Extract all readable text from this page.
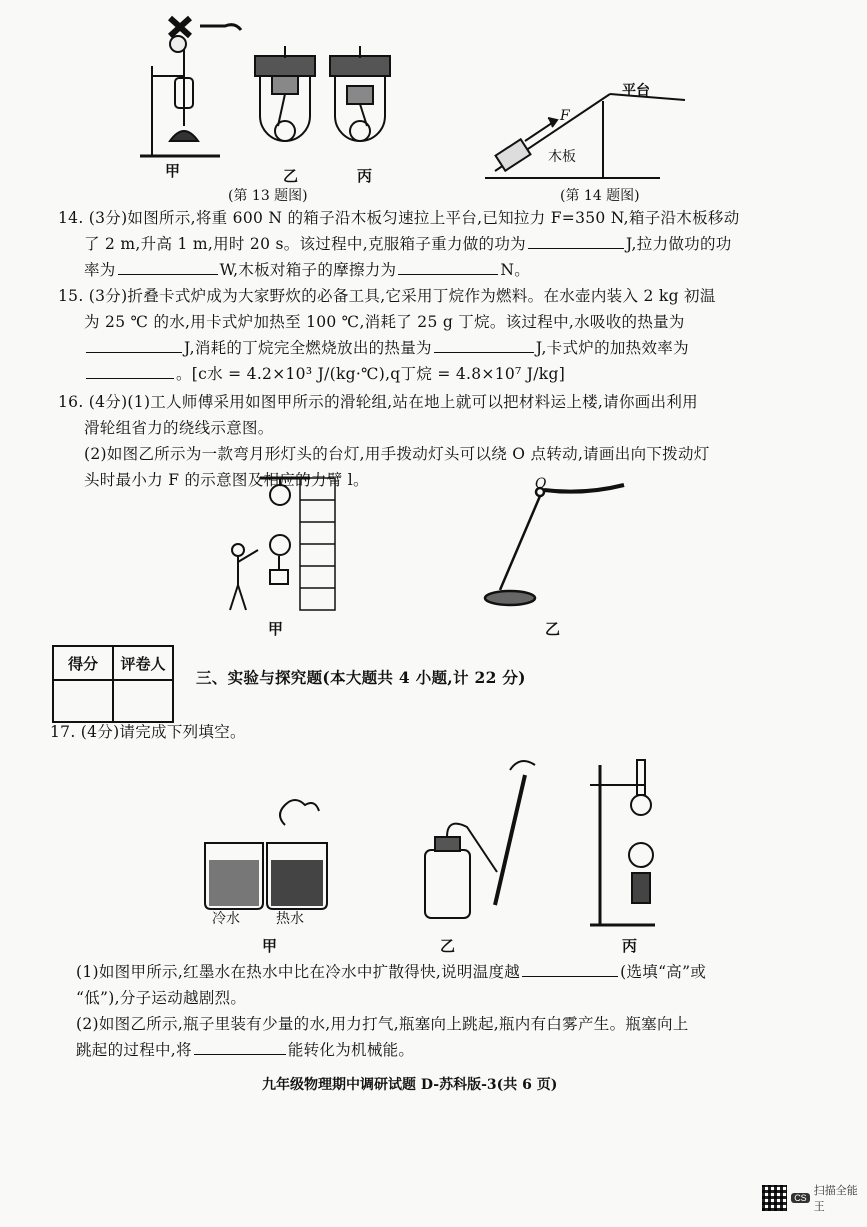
甲	乙	丙
(第 13 题图)	(第 14 题图)
平台
木板
F
14. (3分)如图所示,将重 600 N 的箱子沿木板匀速拉上平台,已知拉力 F=350 N,箱子沿木板移动
了 2 m,升高 1 m,用时 20 s。该过程中,克服箱子重力做的功为	J,拉力做功的功
率为	W,木板对箱子的摩擦力为	N。
15. (3分)折叠卡式炉成为大家野炊的必备工具,它采用丁烷作为燃料。在水壶内装入 2 kg 初温
为 25 ℃ 的水,用卡式炉加热至 100 ℃,消耗了 25 g 丁烷。该过程中,水吸收的热量为
J,消耗的丁烷完全燃烧放出的热量为	J,卡式炉的加热效率为
。[c水 = 4.2×10³ J/(kg·℃),q丁烷 = 4.8×10⁷ J/kg]
16. (4分)(1)工人师傅采用如图甲所示的滑轮组,站在地上就可以把材料运上楼,请你画出利用
滑轮组省力的绕线示意图。
(2)如图乙所示为一款弯月形灯头的台灯,用手拨动灯头可以绕 O 点转动,请画出向下拨动灯
头时最小力 F 的示意图及相应的力臂 l。	O
甲	乙
得分	评卷人

三、实验与探究题(本大题共 4 小题,计 22 分)
17. (4分)请完成下列填空。
冷水	热水
甲	乙	丙
(1)如图甲所示,红墨水在热水中比在冷水中扩散得快,说明温度越	(选填“高”或
“低”),分子运动越剧烈。
(2)如图乙所示,瓶子里装有少量的水,用力打气,瓶塞向上跳起,瓶内有白雾产生。瓶塞向上
跳起的过程中,将	能转化为机械能。
九年级物理期中调研试题 D-苏科版-3(共 6 页)
CS
扫描全能王
